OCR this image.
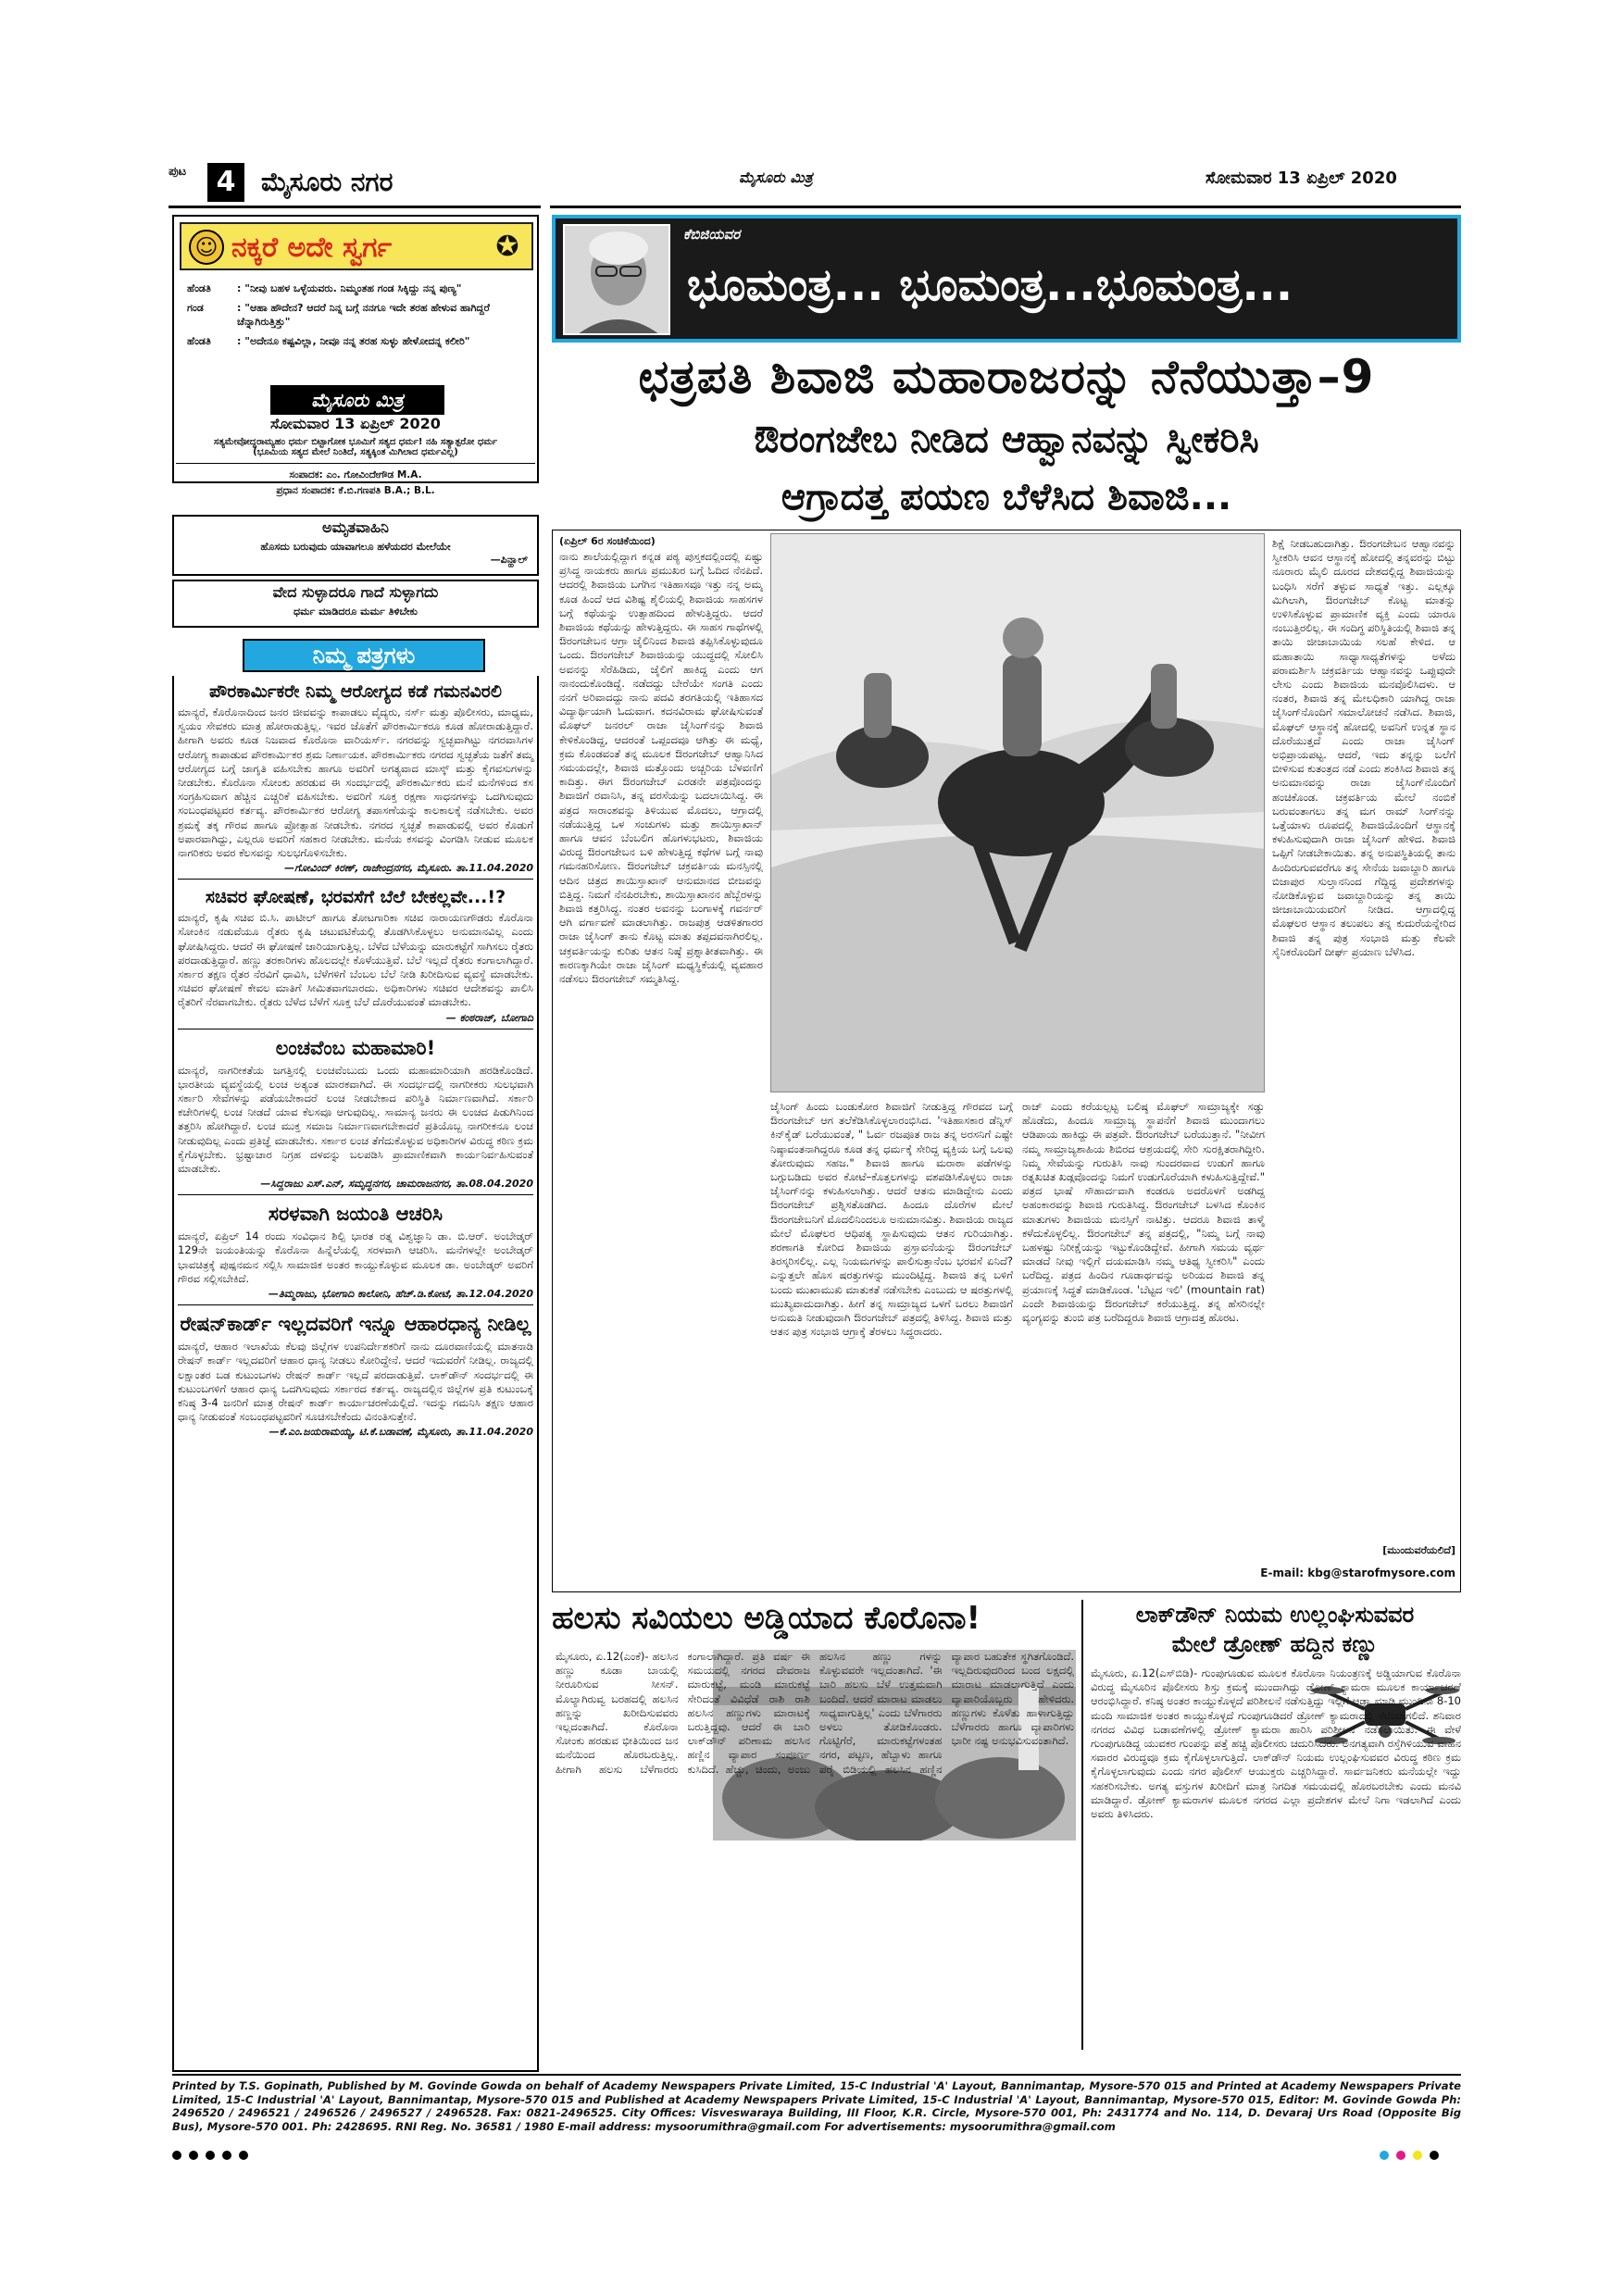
ಪುಟ	4 ಮೈಸೂರು ನಗರ	ಮೈಸೂರು ಮಿತ್ರ	ಸೋಮವಾರ 13 ಏಪ್ರಿಲ್ 2020
☺ ನಕ್ಕರೆ ಅದೇ ಸ್ವರ್ಗ	✪
ಹೆಂಡತಿ	: "ನೀವು ಬಹಳ ಒಳ್ಳೆಯವರು. ನಿಮ್ಮಂತಹ ಗಂಡ ಸಿಕ್ಕಿದ್ದು ನನ್ನ ಪುಣ್ಯ"
ಗಂಡ	: "ಆಹಾ ಹೌದೇನ? ಆದರೆ ನಿನ್ನ ಬಗ್ಗೆ ನನಗೂ ಇದೇ ತರಹ ಹೇಳುವ ಹಾಗಿದ್ದರೆ ಚೆನ್ನಾಗಿರುತ್ತಿತ್ತು"
ಹೆಂಡತಿ	: "ಅದೇನೂ ಕಷ್ಟವಿಲ್ಲಾ, ನೀವೂ ನನ್ನ ತರಹ ಸುಳ್ಳು ಹೇಳೋದನ್ನ ಕಲೀರಿ"
ಮೈಸೂರು ಮಿತ್ರ
ಸೋಮವಾರ 13 ಏಪ್ರಿಲ್ 2020
ಸತ್ಯಮೇವೋದ್ಧರಾಮ್ಯಹಂ ಧರ್ಮ ಬಿಟ್ಟಾಗೋಕ ಭೂಮಿಗೆ ಸತ್ಯದ ಧರ್ಮ! ನಹಿ ಸತ್ಯಾತ್ಪರೋ ಧರ್ಮ
(ಭೂಮಿಯ ಸತ್ಯದ ಮೇಲೆ ನಿಂತಿದೆ, ಸತ್ಯಕ್ಕಿಂತ ಮಿಗಿಲಾದ ಧರ್ಮವಿಲ್ಲ)
ಸಂಪಾದಕ: ಎಂ. ಗೋವಿಂದೇಗೌಡ M.A.
ಪ್ರಧಾನ ಸಂಪಾದಕ: ಕೆ.ಬಿ.ಗಣಪತಿ B.A.; B.L.
ಅಮೃತವಾಹಿನಿ
ಹೊಸದು ಬರುವುದು ಯಾವಾಗಲೂ ಹಳೆಯದರ ಮೇಲೆಯೇ
—ಪಿನ್ಹಾಲ್
ವೇದ ಸುಳ್ಳಾದರೂ ಗಾದೆ ಸುಳ್ಳಾಗದು
ಧರ್ಮ ಮಾಡಿದರೂ ಮರ್ಮ ತಿಳಿಬೇಕು
ನಿಮ್ಮ ಪತ್ರಗಳು
ಪೌರಕಾರ್ಮಿಕರೇ ನಿಮ್ಮ ಆರೋಗ್ಯದ ಕಡೆ ಗಮನವಿರಲಿ

ಮಾನ್ಯರೆ, ಕೊರೊನಾದಿಂದ ಜನರ ಜೀವವನ್ನು ಕಾಪಾಡಲು ವೈದ್ಯರು, ನರ್ಸ್ ಮತ್ತು ಪೊಲೀಸರು, ಮಾಧ್ಯಮ, ಸ್ವಯಂ ಸೇವಕರು ಮಾತ್ರ ಹೋರಾಡುತ್ತಿಲ್ಲ. ಇವರ ಜೊತೆಗೆ ಪೌರಕಾರ್ಮಿಕರೂ ಕೂಡ ಹೋರಾಡುತ್ತಿದ್ದಾರೆ. ಹೀಗಾಗಿ ಅವರು ಕೂಡ ನಿಜವಾದ ಕೊರೊನಾ ವಾರಿಯರ್ಸ್. ನಗರವನ್ನು ಸ್ವಚ್ಛವಾಗಿಟ್ಟು ನಗರವಾಸಿಗಳ ಆರೋಗ್ಯ ಕಾಪಾಡುವ ಪೌರಕಾರ್ಮಿಕರ ಶ್ರಮ ನಿರ್ಣಾಯಕ. ಪೌರಕಾರ್ಮಿಕರು ನಗರದ ಸ್ವಚ್ಛತೆಯ ಜತೆಗೆ ತಮ್ಮ ಆರೋಗ್ಯದ ಬಗ್ಗೆ ಜಾಗೃತಿ ವಹಿಸಬೇಕು ಹಾಗೂ ಅವರಿಗೆ ಅಗತ್ಯವಾದ ಮಾಸ್ಕ್ ಮತ್ತು ಕೈಗವಸುಗಳನ್ನು ನೀಡಬೇಕು. ಕೊರೊನಾ ಸೋಂಕು ಹರಡುವ ಈ ಸಂದರ್ಭದಲ್ಲಿ ಪೌರಕಾರ್ಮಿಕರು ಮನೆ ಮನೆಗಳಿಂದ ಕಸ ಸಂಗ್ರಹಿಸುವಾಗ ಹೆಚ್ಚಿನ ಎಚ್ಚರಿಕೆ ವಹಿಸಬೇಕು. ಅವರಿಗೆ ಸೂಕ್ತ ರಕ್ಷಣಾ ಸಾಧನಗಳನ್ನು ಒದಗಿಸುವುದು ಸಂಬಂಧಪಟ್ಟವರ ಕರ್ತವ್ಯ. ಪೌರಕಾರ್ಮಿಕರ ಆರೋಗ್ಯ ತಪಾಸಣೆಯನ್ನು ಕಾಲಕಾಲಕ್ಕೆ ನಡೆಸಬೇಕು. ಅವರ ಶ್ರಮಕ್ಕೆ ತಕ್ಕ ಗೌರವ ಹಾಗೂ ಪ್ರೋತ್ಸಾಹ ನೀಡಬೇಕು. ನಗರದ ಸ್ವಚ್ಛತೆ ಕಾಪಾಡುವಲ್ಲಿ ಅವರ ಕೊಡುಗೆ ಅಪಾರವಾಗಿದ್ದು, ಎಲ್ಲರೂ ಅವರಿಗೆ ಸಹಕಾರ ನೀಡಬೇಕು. ಮನೆಯ ಕಸವನ್ನು ವಿಂಗಡಿಸಿ ನೀಡುವ ಮೂಲಕ ನಾಗರಿಕರು ಅವರ ಕೆಲಸವನ್ನು ಸುಲಭಗೊಳಿಸಬೇಕು.

—ಗೋವಿಂದ್ ಕಿರಣ್, ರಾಜೇಂದ್ರನಗರ, ಮೈಸೂರು. ತಾ.11.04.2020
ಸಚಿವರ ಘೋಷಣೆ, ಭರವಸೆಗೆ ಬೆಲೆ ಬೇಕಲ್ಲವೇ...!?

ಮಾನ್ಯರೆ, ಕೃಷಿ ಸಚಿವ ಬಿ.ಸಿ. ಪಾಟೀಲ್ ಹಾಗೂ ತೋಟಗಾರಿಕಾ ಸಚಿವ ನಾರಾಯಣಗೌಡರು ಕೊರೊನಾ ಸೋಂಕಿನ ನಡುವೆಯೂ ರೈತರು ಕೃಷಿ ಚಟುವಟಿಕೆಯಲ್ಲಿ ತೊಡಗಿಸಿಕೊಳ್ಳಲು ಅನುಮಾನವಿಲ್ಲ ಎಂದು ಘೋಷಿಸಿದ್ದರು. ಆದರೆ ಈ ಘೋಷಣೆ ಜಾರಿಯಾಗುತ್ತಿಲ್ಲ. ಬೆಳೆದ ಬೆಳೆಯನ್ನು ಮಾರುಕಟ್ಟೆಗೆ ಸಾಗಿಸಲು ರೈತರು ಪರದಾಡುತ್ತಿದ್ದಾರೆ. ಹಣ್ಣು ತರಕಾರಿಗಳು ಹೊಲದಲ್ಲೇ ಕೊಳೆಯುತ್ತಿವೆ. ಬೆಲೆ ಇಲ್ಲದೆ ರೈತರು ಕಂಗಾಲಾಗಿದ್ದಾರೆ. ಸರ್ಕಾರ ತಕ್ಷಣ ರೈತರ ನೆರವಿಗೆ ಧಾವಿಸಿ, ಬೆಳೆಗಳಿಗೆ ಬೆಂಬಲ ಬೆಲೆ ನೀಡಿ ಖರೀದಿಸುವ ವ್ಯವಸ್ಥೆ ಮಾಡಬೇಕು. ಸಚಿವರ ಘೋಷಣೆ ಕೇವಲ ಮಾತಿಗೆ ಸೀಮಿತವಾಗಬಾರದು. ಅಧಿಕಾರಿಗಳು ಸಚಿವರ ಆದೇಶವನ್ನು ಪಾಲಿಸಿ ರೈತರಿಗೆ ನೆರವಾಗಬೇಕು. ರೈತರು ಬೆಳೆದ ಬೆಳೆಗೆ ಸೂಕ್ತ ಬೆಲೆ ದೊರೆಯುವಂತೆ ಮಾಡಬೇಕು.

— ಕಂಠರಾಜ್, ಬೋಗಾದಿ
ಲಂಚವೆಂಬ ಮಹಾಮಾರಿ!

ಮಾನ್ಯರೆ, ನಾಗರೀಕತೆಯ ಜಗತ್ತಿನಲ್ಲಿ ಲಂಚವೆಂಬುದು ಒಂದು ಮಹಾಮಾರಿಯಾಗಿ ಹರಡಿಕೊಂಡಿದೆ. ಭಾರತೀಯ ವ್ಯವಸ್ಥೆಯಲ್ಲಿ ಲಂಚ ಅತ್ಯಂತ ಮಾರಕವಾಗಿದೆ. ಈ ಸಂದರ್ಭದಲ್ಲಿ ನಾಗರೀಕರು ಸುಲಭವಾಗಿ ಸರ್ಕಾರಿ ಸೇವೆಗಳನ್ನು ಪಡೆಯಬೇಕಾದರೆ ಲಂಚ ನೀಡಬೇಕಾದ ಪರಿಸ್ಥಿತಿ ನಿರ್ಮಾಣವಾಗಿದೆ. ಸರ್ಕಾರಿ ಕಚೇರಿಗಳಲ್ಲಿ ಲಂಚ ನೀಡದೆ ಯಾವ ಕೆಲಸವೂ ಆಗುವುದಿಲ್ಲ. ಸಾಮಾನ್ಯ ಜನರು ಈ ಲಂಚದ ಪಿಡುಗಿನಿಂದ ತತ್ತರಿಸಿ ಹೋಗಿದ್ದಾರೆ. ಲಂಚ ಮುಕ್ತ ಸಮಾಜ ನಿರ್ಮಾಣವಾಗಬೇಕಾದರೆ ಪ್ರತಿಯೊಬ್ಬ ನಾಗರೀಕನೂ ಲಂಚ ನೀಡುವುದಿಲ್ಲ ಎಂದು ಪ್ರತಿಜ್ಞೆ ಮಾಡಬೇಕು. ಸರ್ಕಾರ ಲಂಚ ತೆಗೆದುಕೊಳ್ಳುವ ಅಧಿಕಾರಿಗಳ ವಿರುದ್ಧ ಕಠಿಣ ಕ್ರಮ ಕೈಗೊಳ್ಳಬೇಕು. ಭ್ರಷ್ಟಾಚಾರ ನಿಗ್ರಹ ದಳವನ್ನು ಬಲಪಡಿಸಿ ಪ್ರಾಮಾಣಿಕವಾಗಿ ಕಾರ್ಯನಿರ್ವಹಿಸುವಂತೆ ಮಾಡಬೇಕು.

—ಸಿದ್ದರಾಜು ಎಸ್.ಎನ್, ಸಮೃದ್ಧನಗರ, ಚಾಮರಾಜನಗರ, ತಾ.08.04.2020
ಸರಳವಾಗಿ ಜಯಂತಿ ಆಚರಿಸಿ

ಮಾನ್ಯರೆ, ಏಪ್ರಿಲ್ 14 ರಂದು ಸಂವಿಧಾನ ಶಿಲ್ಪಿ ಭಾರತ ರತ್ನ ವಿಶ್ವಜ್ಞಾನಿ ಡಾ. ಬಿ.ಆರ್. ಅಂಬೇಡ್ಕರ್ 129ನೇ ಜಯಂತಿಯನ್ನು ಕೊರೊನಾ ಹಿನ್ನೆಲೆಯಲ್ಲಿ ಸರಳವಾಗಿ ಆಚರಿಸಿ. ಮನೆಗಳಲ್ಲೇ ಅಂಬೇಡ್ಕರ್ ಭಾವಚಿತ್ರಕ್ಕೆ ಪುಷ್ಪನಮನ ಸಲ್ಲಿಸಿ ಸಾಮಾಜಿಕ ಅಂತರ ಕಾಯ್ದುಕೊಳ್ಳುವ ಮೂಲಕ ಡಾ. ಅಂಬೇಡ್ಕರ್ ಅವರಿಗೆ ಗೌರವ ಸಲ್ಲಿಸಬೇಕಿದೆ.

—ತಿಮ್ಮರಾಜು, ಭೋಗಾದಿ ಕಾಲೋನಿ, ಹೆಚ್.ಡಿ.ಕೋಟೆ, ತಾ.12.04.2020
ರೇಷನ್‌ಕಾರ್ಡ್ ಇಲ್ಲದವರಿಗೆ ಇನ್ನೂ ಆಹಾರಧಾನ್ಯ ನೀಡಿಲ್ಲ

ಮಾನ್ಯರೆ, ಆಹಾರ ಇಲಾಖೆಯ ಕೆಲವು ಜಿಲ್ಲೆಗಳ ಉಪನಿರ್ದೇಶಕರಿಗೆ ನಾನು ದೂರವಾಣಿಯಲ್ಲಿ ಮಾತನಾಡಿ ರೇಷನ್ ಕಾರ್ಡ್ ಇಲ್ಲದವರಿಗೆ ಆಹಾರ ಧಾನ್ಯ ನೀಡಲು ಕೋರಿದ್ದೇನೆ. ಆದರೆ ಇದುವರೆಗೆ ನೀಡಿಲ್ಲ. ರಾಜ್ಯದಲ್ಲಿ ಲಕ್ಷಾಂತರ ಬಡ ಕುಟುಂಬಗಳು ರೇಷನ್ ಕಾರ್ಡ್ ಇಲ್ಲದೆ ಪರದಾಡುತ್ತಿವೆ. ಲಾಕ್‌ಡೌನ್ ಸಂದರ್ಭದಲ್ಲಿ ಈ ಕುಟುಂಬಗಳಿಗೆ ಆಹಾರ ಧಾನ್ಯ ಒದಗಿಸುವುದು ಸರ್ಕಾರದ ಕರ್ತವ್ಯ. ರಾಜ್ಯದಲ್ಲಿನ ಜಿಲ್ಲೆಗಳ ಪ್ರತಿ ಕುಟುಂಬಕ್ಕೆ ಕನಿಷ್ಠ 3-4 ಜನರಿಗೆ ಮಾತ್ರ ರೇಷನ್ ಕಾರ್ಡ್ ಕಾರ್ಯಾಚರಣೆಯಲ್ಲಿದೆ. ಇದನ್ನು ಗಮನಿಸಿ ತಕ್ಷಣ ಆಹಾರ ಧಾನ್ಯ ನೀಡುವಂತೆ ಸಂಬಂಧಪಟ್ಟವರಿಗೆ ಸೂಚಿಸಬೇಕೆಂದು ವಿನಂತಿಸುತ್ತೇನೆ.

—ಕೆ.ಎಂ.ಜಯರಾಮಯ್ಯ, ಟಿ.ಕೆ.ಬಡಾವಣೆ, ಮೈಸೂರು, ತಾ.11.04.2020
ಕೆಬಿಜಿಯವರ
ಭೂಮಂತ್ರ... ಭೂಮಂತ್ರ...ಭೂಮಂತ್ರ...
ಛತ್ರಪತಿ ಶಿವಾಜಿ ಮಹಾರಾಜರನ್ನು ನೆನೆಯುತ್ತಾ–9
ಔರಂಗಜೇಬ ನೀಡಿದ ಆಹ್ವಾನವನ್ನು ಸ್ವೀಕರಿಸಿ
ಆಗ್ರಾದತ್ತ ಪಯಣ ಬೆಳೆಸಿದ ಶಿವಾಜಿ...
(ಏಪ್ರಿಲ್ 6ರ ಸಂಚಿಕೆಯಿಂದ)

ನಾನು ಶಾಲೆಯಲ್ಲಿದ್ದಾಗ ಕನ್ನಡ ಪಠ್ಯ ಪುಸ್ತಕದಲ್ಲಿಂದಲ್ಲಿ ಏಷ್ಟು ಪ್ರಸಿದ್ಧ ನಾಯಕರು ಹಾಗೂ ಪ್ರಮುಖರ ಬಗ್ಗೆ ಓದಿದ ನೆನಪಿದೆ. ಆದರಲ್ಲಿ ಶಿವಾಜಿಯ ಬಗೆಗಿನ ಇತಿಹಾಸವೂ ಇತ್ತು ನನ್ನ ಅಮ್ಮ ಕೂಡ ಹಿಂದೆ ಆದ ವಿಶಿಷ್ಟ ಶೈಲಿಯಲ್ಲಿ ಶಿವಾಜಿಯ ಸಾಹಸಗಳ ಬಗ್ಗೆ ಕಥೆಯನ್ನು ಉತ್ಸಾಹದಿಂದ ಹೇಳುತ್ತಿದ್ದರು. ಆದರೆ ಶಿವಾಜಿಯ ಕಥೆಯನ್ನು ಹೇಳುತ್ತಿದ್ದರು. ಈ ಸಾಹಸ ಗಾಥೆಗಳಲ್ಲಿ ಔರಂಗಜೇಬನ ಆಗ್ರಾ ಜೈಲಿನಿಂದ ಶಿವಾಜಿ ತಪ್ಪಿಸಿಕೊಳ್ಳುವುದೂ ಒಂದು. ಔರಂಗಜೇಬ್ ಶಿವಾಜಿಯನ್ನು ಯುದ್ಧದಲ್ಲಿ ಸೋಲಿಸಿ ಅವನನ್ನು ಸೆರೆಹಿಡಿದು, ಜೈಲಿಗೆ ಹಾಕಿದ್ದ ಎಂದು ಆಗ ನಾನಂದುಕೊಂಡಿದ್ದೆ. ನಡೆದದ್ದು ಬೇರೆಯೇ ಸಂಗತಿ ಎಂದು ನನಗೆ ಅರಿವಾದದ್ದು ನಾನು ಪದವಿ ತರಗತಿಯಲ್ಲಿ ಇತಿಹಾಸದ ವಿದ್ಯಾರ್ಥಿಯಾಗಿ ಓದುವಾಗ. ಕದನವಿರಾಮ ಘೋಷಿಸುವಂತೆ ಮೊಘಲ್ ಜನರಲ್ ರಾಜಾ ಜೈಸಿಂಗ್‌ನನ್ನು ಶಿವಾಜಿ ಕೇಳಿಕೊಂಡಿದ್ದ, ಆದರಂತೆ ಒಪ್ಪಂದವೂ ಆಗಿತ್ತು ಈ ಮಧ್ಯೆ, ಕ್ರಮ ಕೊಂಡವಂತೆ ತನ್ನ ಮೂಲಕ ಔರಂಗಜೇಬ್ ಆಹ್ವಾನಿಸಿದ ಸಮಯದಲ್ಲೇ, ಶಿವಾಜಿ ಮತ್ತೊಂದು ಅಚ್ಚರಿಯ ಬೆಳವಣಿಗೆ ಕಾದಿತ್ತು. ಈಗ ಔರಂಗಜೇಬ್ ಎರಡನೇ ಪತ್ರವೊಂದನ್ನು ಶಿವಾಜಿಗೆ ರವಾನಿಸಿ, ತನ್ನ ವರಸೆಯನ್ನು ಬದಲಾಯಿಸಿದ್ದ. ಈ ಪತ್ರದ ಸಾರಾಂಶವನ್ನು ತಿಳಿಯುವ ಮೊದಲು, ಆಗ್ರಾದಲ್ಲಿ ನಡೆಯುತ್ತಿದ್ದ ಒಳ ಸಂಚುಗಳು ಮತ್ತು ಶಾಯಿಸ್ತಾಖಾನ್ ಹಾಗೂ ಆವನ ಬೆಂಬಲಿಗ ಹೊಗಳುಭಟರು, ಶಿವಾಜಿಯ ವಿರುದ್ಧ ಔರಂಗಜೇಬನ ಬಳಿ ಹೇಳುತ್ತಿದ್ದ ಕಥೆಗಳ ಬಗ್ಗೆ ನಾವು ಗಮನಹರಿಸೋಣ. ಔರಂಗಜೇಬ್ ಚಕ್ರವರ್ತಿಯ ಮನಸ್ಸಿನಲ್ಲಿ ಆದಿನ ಚಿತ್ರದ ಶಾಯಿಸ್ತಾಖಾನ್ ಆನುಮಾನದ ಬೀಜವನ್ನು ಬಿತ್ತಿದ್ದ. ನಿಮಗೆ ನೆನಪಿರಬೇಕು, ಶಾಯಿಸ್ತಾಖಾನನ ಹೆಬ್ಬೆರಳನ್ನು ಶಿವಾಜಿ ಕತ್ತರಿಸಿದ್ದ. ನಂತರ ಅವನನ್ನು ಬಂಗಾಳಕ್ಕೆ ಗವರ್ನರ್ ಆಗಿ ವರ್ಗಾವಣೆ ಮಾಡಲಾಗಿತ್ತು. ರಾಜಪುತ್ರ ಆಡಳಿತಗಾರರ ರಾಜಾ ಜೈಸಿಂಗ್ ತಾನು ಕೊಟ್ಟ ಮಾತು ತಪ್ಪದವನಾಗಿರಲಿಲ್ಲ. ಚಕ್ರವರ್ತಿಯನ್ನು ಕುರಿತು ಆತನ ನಿಷ್ಠೆ ಪ್ರಶ್ನಾತೀತವಾಗಿತ್ತು. ಈ ಕಾರಣಕ್ಕಾಗಿಯೇ ರಾಜಾ ಜೈಸಿಂಗ್ ಮಧ್ಯಸ್ಥಿಕೆಯಲ್ಲಿ ವ್ಯವಹಾರ ನಡೆಸಲು ಔರಂಗಜೇಬ್ ಸಮ್ಮತಿಸಿದ್ದ.

ಜೈಸಿಂಗ್ ಹಿಂದು ಬಂಡುಕೋರ ಶಿವಾಜಿಗೆ ನೀಡುತ್ತಿದ್ದ ಗೌರವದ ಬಗ್ಗೆ ಔರಂಗಜೇಬ್ ಆಗ ತಲೆಕೆಡಿಸಿಕೊಳ್ಳಲಾರಂಭಿಸಿದ. 'ಇತಿಹಾಸಕಾರ ಡೆನ್ನಿಸ್ ಕಿನ್‌ಕೈಡ್ ಬರೆಯುವಂತೆ, " ಓರ್ವ ರಜಪೂತ ರಾಜ ತನ್ನ ಅರಸನಿಗೆ ಎಷ್ಟೇ ನಿಷ್ಠಾವಂತನಾಗಿದ್ದರೂ ಕೂಡ ತನ್ನ ಧರ್ಮಕ್ಕೆ ಸೇರಿದ್ದ ವ್ಯಕ್ತಿಯ ಬಗ್ಗೆ ಒಲವು ತೋರುವುದು ಸಹಜ." ಶಿವಾಜಿ ಹಾಗೂ ಮರಾಠಾ ಪಡೆಗಳನ್ನು ಬಗ್ಗುಬಡಿದು ಅವರ ಕೋಟೆ–ಕೊತ್ತಲಗಳನ್ನು ವಶಪಡಿಸಿಕೊಳ್ಳಲು ರಾಜಾ ಜೈಸಿಂಗ್‌ನನ್ನು ಕಳುಹಿಸಲಾಗಿತ್ತು. ಆದರೆ ಆತನು ಮಾಡಿದ್ದೇನು ಎಂದು ಔರಂಗಜೇಬ್ ಪ್ರಶ್ನಿಸತೊಡಗಿದ. ಹಿಂದೂ ದೊರೆಗಳ ಮೇಲೆ ಔರಂಗಜೇಬನಿಗೆ ಮೊದಲಿನಿಂದಲೂ ಅನುಮಾನವಿತ್ತು. ಶಿವಾಜಿಯ ರಾಜ್ಯದ ಮೇಲೆ ಮೊಘಲರ ಆಧಿಪತ್ಯ ಸ್ಥಾಪಿಸುವುದು ಆತನ ಗುರಿಯಾಗಿತ್ತು. ಶರಣಾಗತಿ ಕೋರಿದ ಶಿವಾಜಿಯ ಪ್ರಸ್ತಾವನೆಯನ್ನು ಔರಂಗಜೇಬ್ ತಿರಸ್ಕರಿಸಲಿಲ್ಲ. ಎಲ್ಲ ನಿಯಮಗಳನ್ನು ಪಾಲಿಸುತ್ತಾನೆಂಬ ಭರವಸೆ ಏನಿದೆ? ಎನ್ನುತ್ತಲೇ ಹೊಸ ಷರತ್ತುಗಳನ್ನು ಮುಂದಿಟ್ಟಿದ್ದ. ಶಿವಾಜಿ ತನ್ನ ಬಳಿಗೆ ಬಂದು ಮುಖಾಮುಖಿ ಮಾತುಕತೆ ನಡೆಸಬೇಕು ಎಂಬುದು ಆ ಷರತ್ತುಗಳಲ್ಲಿ ಮುಖ್ಯವಾದುದಾಗಿತ್ತು. ಹೀಗೆ ತನ್ನ ಸಾಮ್ರಾಜ್ಯದ ಒಳಗೆ ಬರಲು ಶಿವಾಜಿಗೆ ಅನುಮತಿ ನೀಡುವುದಾಗಿ ಔರಂಗಜೇಬ್ ಪತ್ರದಲ್ಲಿ ತಿಳಿಸಿದ್ದ. ಶಿವಾಜಿ ಮತ್ತು ಆತನ ಪುತ್ರ ಸಂಭಾಜಿ ಆಗ್ರಾಕ್ಕೆ ತೆರಳಲು ಸಿದ್ಧರಾದರು.

ರಾಜ್ ಎಂದು ಕರೆಯಲ್ಪಟ್ಟ ಬಲಿಷ್ಠ ಮೊಘಲ್ ಸಾಮ್ರಾಜ್ಯಕ್ಕೇ ಸಡ್ಡು ಹೊಡೆದು, ಹಿಂದೂ ಸಾಮ್ರಾಜ್ಯ ಸ್ಥಾಪನೆಗೆ ಶಿವಾಜಿ ಮುಂದಾಗಲು ಆಡಿಪಾಯ ಹಾಕಿದ್ದು ಈ ಪತ್ರವೇ. ಔರಂಗಜೇಬ್ ಬರೆಯುತ್ತಾನೆ. "ನೀವೀಗ ನಮ್ಮ ಸಾಮ್ರಾಜ್ಯಶಾಹಿಯ ಶಿಬಿರದ ಆಶ್ರಯದಲ್ಲಿ ಸೇರಿ ಸುರಕ್ಷಿತರಾಗಿದ್ದೀರಿ. ನಿಮ್ಮ ಸೇವೆಯನ್ನು ಗುರುತಿಸಿ ನಾವು ಸುಂದರವಾದ ಉಡುಗೆ ಹಾಗೂ ರತ್ನಖಚಿತ ಖಡ್ಗವೊಂದನ್ನು ನಿಮಗೆ ಉಡುಗೊರೆಯಾಗಿ ಕಳುಹಿಸುತ್ತಿದ್ದೇವೆ." ಪತ್ರದ ಭಾಷೆ ಸೌಹಾರ್ದವಾಗಿ ಕಂಡರೂ ಅದರೊಳಗೆ ಅಡಗಿದ್ದ ಅಹಂಕಾರವನ್ನು ಶಿವಾಜಿ ಗುರುತಿಸಿದ್ದ. ಔರಂಗಜೇಬ್ ಬಳಸಿದ ಕೊಂಕಿನ ಮಾತುಗಳು ಶಿವಾಜಿಯ ಮನಸ್ಸಿಗೆ ನಾಟಿತ್ತು. ಆದರೂ ಶಿವಾಜಿ ತಾಳ್ಮೆ ಕಳೆದುಕೊಳ್ಳಲಿಲ್ಲ. ಔರಂಗಜೇಬ್ ತನ್ನ ಪತ್ರದಲ್ಲಿ, "ನಿಮ್ಮ ಬಗ್ಗೆ ನಾವು ಬಹಳಷ್ಟು ನಿರೀಕ್ಷೆಯನ್ನು ಇಟ್ಟುಕೊಂಡಿದ್ದೇವೆ. ಹೀಗಾಗಿ ಸಮಯ ವ್ಯರ್ಥ ಮಾಡದೆ ನೀವು ಇಲ್ಲಿಗೆ ದಯಮಾಡಿಸಿ ನಮ್ಮ ಆತಿಥ್ಯ ಸ್ವೀಕರಿಸಿ" ಎಂದು ಬರೆದಿದ್ದ. ಪತ್ರದ ಹಿಂದಿನ ಗೂಡಾರ್ಥವನ್ನು ಅರಿಯದ ಶಿವಾಜಿ ತನ್ನ ಪ್ರಯಾಣಕ್ಕೆ ಸಿದ್ಧತೆ ಮಾಡಿಕೊಂಡ. 'ಬೆಟ್ಟದ ಇಲಿ' (mountain rat) ಎಂದೇ ಶಿವಾಜಿಯನ್ನು ಔರಂಗಜೇಬ್ ಕರೆಯುತ್ತಿದ್ದ. ತನ್ನ ಹೆಸರಿನಲ್ಲೇ ವ್ಯಂಗ್ಯವನ್ನು ತುಂಬಿ ಪತ್ರ ಬರೆದಿದ್ದರೂ ಶಿವಾಜಿ ಆಗ್ರಾದತ್ತ ಹೊರಟ.

ಶಿಕ್ಷೆ ನೀಡಬಹುದಾಗಿತ್ತು. ಔರಂಗಜೇಬನ ಆಹ್ವಾನವನ್ನು ಸ್ವೀಕರಿಸಿ ಆವನ ಆಸ್ಥಾನಕ್ಕೆ ಹೋದಲ್ಲಿ ತನ್ನವರನ್ನು ಬಿಟ್ಟು ನೂರಾರು ಮೈಲಿ ದೂರದ ದೇಶದಲ್ಲಿದ್ದ ಶಿವಾಜಿಯನ್ನು ಬಂಧಿಸಿ ಸರೆಗೆ ತಳ್ಳುವ ಸಾಧ್ಯತೆ ಇತ್ತು. ಎಲ್ಲಕ್ಕೂ ಮಿಗಿಲಾಗಿ, ಔರಂಗಜೇಬ್ ಕೊಟ್ಟ ಮಾತನ್ನು ಉಳಿಸಿಕೊಳ್ಳುವ ಪ್ರಾಮಾಣಿಕ ವ್ಯಕ್ತಿ ಎಂದು ಯಾರೂ ನಂಬುತ್ತಿರಲಿಲ್ಲ. ಈ ಸಂದಿಗ್ಧ ಪರಿಸ್ಥಿತಿಯಲ್ಲಿ ಶಿವಾಜಿ ತನ್ನ ತಾಯಿ ಜೀಜಾಬಾಯಿಯ ಸಲಹೆ ಕೇಳಿದ. ಆ ಮಹಾತಾಯಿ ಸಾಧ್ಯಾಸಾಧ್ಯತೆಗಳನ್ನು ಅಳೆದು ಪರಾಮರ್ಶಿಸಿ ಚಕ್ರವರ್ತಿಯ ಆಹ್ವಾನವನ್ನು ಒಪ್ಪುವುದೇ ಲೇಸು ಎಂದು ಶಿವಾಜಿಯ ಮನವೊಲಿಸಿದಳು. ಆ ನಂತರ, ಶಿವಾಜಿ ತನ್ನ ಮೇಲಧಿಕಾರಿ ಯಾಗಿದ್ದ ರಾಜಾ ಜೈಸಿಂಗ್‌ನೊಂದಿಗೆ ಸಮಾಲೋಚನೆ ನಡೆಸಿದ. ಶಿವಾಜಿ, ಮೊಘಲ್ ಆಸ್ಥಾನಕ್ಕೆ ಹೋದಲ್ಲಿ ಅವನಿಗೆ ಉನ್ನತ ಸ್ಥಾನ ದೊರೆಯುತ್ತದೆ ಎಂದು ರಾಜಾ ಜೈಸಿಂಗ್ ಅಭಿಪ್ರಾಯಪಟ್ಟ. ಆದರೆ, ಇದು ತನ್ನನ್ನು ಬಲೆಗೆ ಬೀಳಿಸುವ ಕುತಂತ್ರದ ನಡೆ ಎಂದು ಶಂಕಿಸಿದ ಶಿವಾಜಿ ತನ್ನ ಅನುಮಾನವನ್ನು ರಾಜಾ ಜೈಸಿಂಗ್‌ನೊಂದಿಗೆ ಹಂಚಿಕೊಂಡ. ಚಕ್ರವರ್ತಿಯ ಮೇಲೆ ನಂಬಿಕೆ ಬರುವಂತಾಗಲು ತನ್ನ ಮಗ ರಾಮ್ ಸಿಂಗ್‌ನನ್ನು ಒತ್ತೆಯಾಳು ರೂಪದಲ್ಲಿ ಶಿವಾಜಿಯೊಂದಿಗೆ ಆಸ್ಥಾನಕ್ಕೆ ಕಳುಹಿಸುವುದಾಗಿ ರಾಜಾ ಜೈಸಿಂಗ್ ಹೇಳಿದ. ಶಿವಾಜಿ ಒಪ್ಪಿಗೆ ನೀಡಬೇಕಾಯಿತು. ತನ್ನ ಅನುಪಸ್ಥಿತಿಯಲ್ಲಿ ತಾನು ಹಿಂದಿರುಗುವವರೆಗೂ ತನ್ನ ಸೇನೆಯ ಜವಾಬ್ದಾರಿ ಹಾಗೂ ಬಿಜಾಪುರ ಸುಲ್ತಾನನಿಂದ ಗೆದ್ದಿದ್ದ ಪ್ರದೇಶಗಳನ್ನು ನೋಡಿಕೊಳ್ಳುವ ಜವಾಬ್ದಾರಿಯನ್ನು ತನ್ನ ತಾಯಿ ಜೀಜಾಬಾಯಿಯವರಿಗೆ ನೀಡಿದ. ಆಗ್ರಾದಲ್ಲಿದ್ದ ಮೊಘಲರ ಆಸ್ಥಾನ ತಲುಪಲು ತನ್ನ ಕುದುರೆಯನ್ನೇರಿದ ಶಿವಾಜಿ ತನ್ನ ಪುತ್ರ ಸಂಭಾಜಿ ಮತ್ತು ಕೆಲವೇ ಸೈನಿಕರೊಂದಿಗೆ ದೀರ್ಘ ಪ್ರಯಾಣ ಬೆಳೆಸಿದ.

[ಮುಂದುವರೆಯಲಿದೆ]
E-mail: kbg@starofmysore.com
ಹಲಸು ಸವಿಯಲು ಅಡ್ಡಿಯಾದ ಕೊರೊನಾ!

ಮೈಸೂರು, ಏ.12(ಎಂಕೆ)- ಹಲಸಿನ ಹಣ್ಣು ಕೂಡಾ ಬಾಯಲ್ಲಿ ನೀರೂರಿಸುವ ಸೀಸನ್. ಮೊಲ್ಯಾಗಿರುವ್ವ ಬರಹದಲ್ಲಿ ಹಲಸಿನ ಹಣ್ಣನ್ನು ಖರೀದಿಸುವವರು ಇಲ್ಲದಂತಾಗಿದೆ. ಕೊರೊನಾ ಸೋಂಕು ಹರಡುವ ಭೀತಿಯಿಂದ ಜನ ಮನೆಯಿಂದ ಹೊರಬರುತ್ತಿಲ್ಲ. ಹೀಗಾಗಿ ಹಲಸು ಬೆಳೆಗಾರರು ಕಂಗಾಲಾಗಿದ್ದಾರೆ. ಪ್ರತಿ ವರ್ಷ ಈ ಸಮಯದಲ್ಲಿ ನಗರದ ದೇವರಾಜ ಮಾರುಕಟ್ಟೆ, ಮಂಡಿ ಮಾರುಕಟ್ಟೆ ಸೇರಿದಂತೆ ವಿವಿಧೆಡೆ ರಾಶಿ ರಾಶಿ ಹಲಸಿನ ಹಣ್ಣುಗಳು ಮಾರಾಟಕ್ಕೆ ಬರುತ್ತಿದ್ದವು. ಆದರೆ ಈ ಬಾರಿ ಲಾಕ್‌ಡೌನ್ ಪರಿಣಾಮ ಹಲಸಿನ ಹಣ್ಣಿನ ವ್ಯಾಪಾರ ಸಂಪೂರ್ಣ ಕುಸಿದಿದೆ. ಹೆಚ್ಚು, ಚಿಂದು, ಅಂಜು ಹಲಸಿನ ಹಣ್ಣು ಗಳನ್ನು ಕೊಳ್ಳುವವರೇ ಇಲ್ಲದಂತಾಗಿದೆ. 'ಈ ಬಾರಿ ಹಲಸು ಬೆಳೆ ಉತ್ತಮವಾಗಿ ಬಂದಿದೆ. ಆದರೆ ಮಾರಾಟ ಮಾಡಲು ಸಾಧ್ಯವಾಗುತ್ತಿಲ್ಲ' ಎಂದು ಬೆಳೆಗಾರರು ಅಳಲು ತೋಡಿಕೊಂಡರು. ಗೊಟ್ಟಿಗೆರೆ, ಮಾರುಕಟ್ಟೆಗಳಂತಹ ನಗರ, ಪಟ್ಟಣ, ಹೆಬ್ಬಾಳು ಹಾಗೂ ಪರೈ ಬಿಡಿಯಲ್ಲಿ ಹಲಸಿನ ಹಣ್ಣಿನ ವ್ಯಾಪಾರ ಬಹುತೇಕ ಸ್ಥಗಿತಗೊಂಡಿದೆ. ಇಲ್ಲದಿರುವುದರಿಂದ ಬಂದ ಲಕ್ಷದಲ್ಲಿ ಮಾರಾಟ ಮಾಡಲಾಗುತ್ತಿದೆ ಎಂದು ವ್ಯಾಪಾರಿಯೊಬ್ಬರು ಹೇಳಿದರು. ಹಣ್ಣುಗಳು ಕೊಳೆತು ಹಾಳಾಗುತ್ತಿದ್ದು ಬೆಳೆಗಾರರು ಹಾಗೂ ವ್ಯಾಪಾರಿಗಳು ಭಾರೀ ನಷ್ಟ ಅನುಭವಿಸುವಂತಾಗಿದೆ.

ಲಾಕ್‌ಡೌನ್ ನಿಯಮ ಉಲ್ಲಂಘಿಸುವವರ
ಮೇಲೆ ಡ್ರೋಣ್ ಹದ್ದಿನ ಕಣ್ಣು

ಮೈಸೂರು, ಏ.12(ಎಸ್‌ಬಿಡಿ)- ಗುಂಪುಗೂಡುವ ಮೂಲಕ ಕೊರೊನಾ ನಿಯಂತ್ರಣಕ್ಕೆ ಅಡ್ಡಿಯಾಗುವ ಕೊರೊನಾ ವಿರುದ್ಧ ಮೈಸೂರಿನ ಪೊಲೀಸರು ಶಿಸ್ತು ಕ್ರಮಕ್ಕೆ ಮುಂದಾಗಿದ್ದು ಡ್ರೋಣ್ ಕ್ಯಾಮರಾ ಮೂಲಕ ಕಾರ್ಯಾಚರಣೆ ಆರಂಭಿಸಿದ್ದಾರೆ. ಕನಿಷ್ಠ ಅಂತರ ಕಾಯ್ದುಕೊಳ್ಳದೆ ಪರಿಶೀಲನೆ ನಡೆಸುತ್ತಿದ್ದು ಇಲ್ಲಿಗೆ ಆಡ್ಡಾ ಮಾಡಿ ಮುಂದಿನಾ 8-10 ಮಂದಿ ಸಾಮಾಜಿಕ ಅಂತರ ಕಾಯ್ದುಕೊಳ್ಳದೆ ಗುಂಪುಗೂಡಿದರೆ ಡ್ರೋಣ್ ಕ್ಯಾಮರಾದಲ್ಲಿ ಸೆರೆಯಾಗಲಿದೆ. ಶನಿವಾರ ನಗರದ ವಿವಿಧ ಬಡಾವಣೆಗಳಲ್ಲಿ ಡ್ರೋಣ್ ಕ್ಯಾಮರಾ ಹಾರಿಸಿ ಪರಿಶೀಲನೆ ನಡೆಸಲಾಯಿತು. ಈ ವೇಳೆ ಗುಂಪುಗೂಡಿದ್ದ ಯುವಕರ ಗುಂಪನ್ನು ಪತ್ತೆ ಹಚ್ಚಿ ಪೊಲೀಸರು ಚದುರಿಸಿದರು. ಅನಗತ್ಯವಾಗಿ ರಸ್ತೆಗಿಳಿಯುವ ವಾಹನ ಸವಾರರ ವಿರುದ್ಧವೂ ಕ್ರಮ ಕೈಗೊಳ್ಳಲಾಗುತ್ತಿದೆ. ಲಾಕ್‌ಡೌನ್ ನಿಯಮ ಉಲ್ಲಂಘಿಸುವವರ ವಿರುದ್ಧ ಕಠಿಣ ಕ್ರಮ ಕೈಗೊಳ್ಳಲಾಗುವುದು ಎಂದು ನಗರ ಪೊಲೀಸ್ ಆಯುಕ್ತರು ಎಚ್ಚರಿಸಿದ್ದಾರೆ. ಸಾರ್ವಜನಿಕರು ಮನೆಯಲ್ಲೇ ಇದ್ದು ಸಹಕರಿಸಬೇಕು. ಅಗತ್ಯ ವಸ್ತುಗಳ ಖರೀದಿಗೆ ಮಾತ್ರ ನಿಗದಿತ ಸಮಯದಲ್ಲಿ ಹೊರಬರಬೇಕು ಎಂದು ಮನವಿ ಮಾಡಿದ್ದಾರೆ. ಡ್ರೋಣ್ ಕ್ಯಾಮರಾಗಳ ಮೂಲಕ ನಗರದ ಎಲ್ಲಾ ಪ್ರದೇಶಗಳ ಮೇಲೆ ನಿಗಾ ಇಡಲಾಗಿದೆ ಎಂದು ಅವರು ತಿಳಿಸಿದರು.

Printed by T.S. Gopinath, Published by M. Govinde Gowda on behalf of Academy Newspapers Private Limited, 15-C Industrial 'A' Layout, Bannimantap, Mysore-570 015 and Printed at Academy Newspapers Private Limited, 15-C Industrial 'A' Layout, Bannimantap, Mysore-570 015 and Published at Academy Newspapers Private Limited, 15-C Industrial 'A' Layout, Bannimantap, Mysore-570 015, Editor: M. Govinde Gowda Ph: 2496520 / 2496521 / 2496526 / 2496527 / 2496528. Fax: 0821-2496525. City Offices: Visveswaraya Building, III Floor, K.R. Circle, Mysore-570 001, Ph: 2431774 and No. 114, D. Devaraj Urs Road (Opposite Big Bus), Mysore-570 001. Ph: 2428695. RNI Reg. No. 36581 / 1980 E-mail address: mysoorumithra@gmail.com For advertisements: mysoorumithra@gmail.com
